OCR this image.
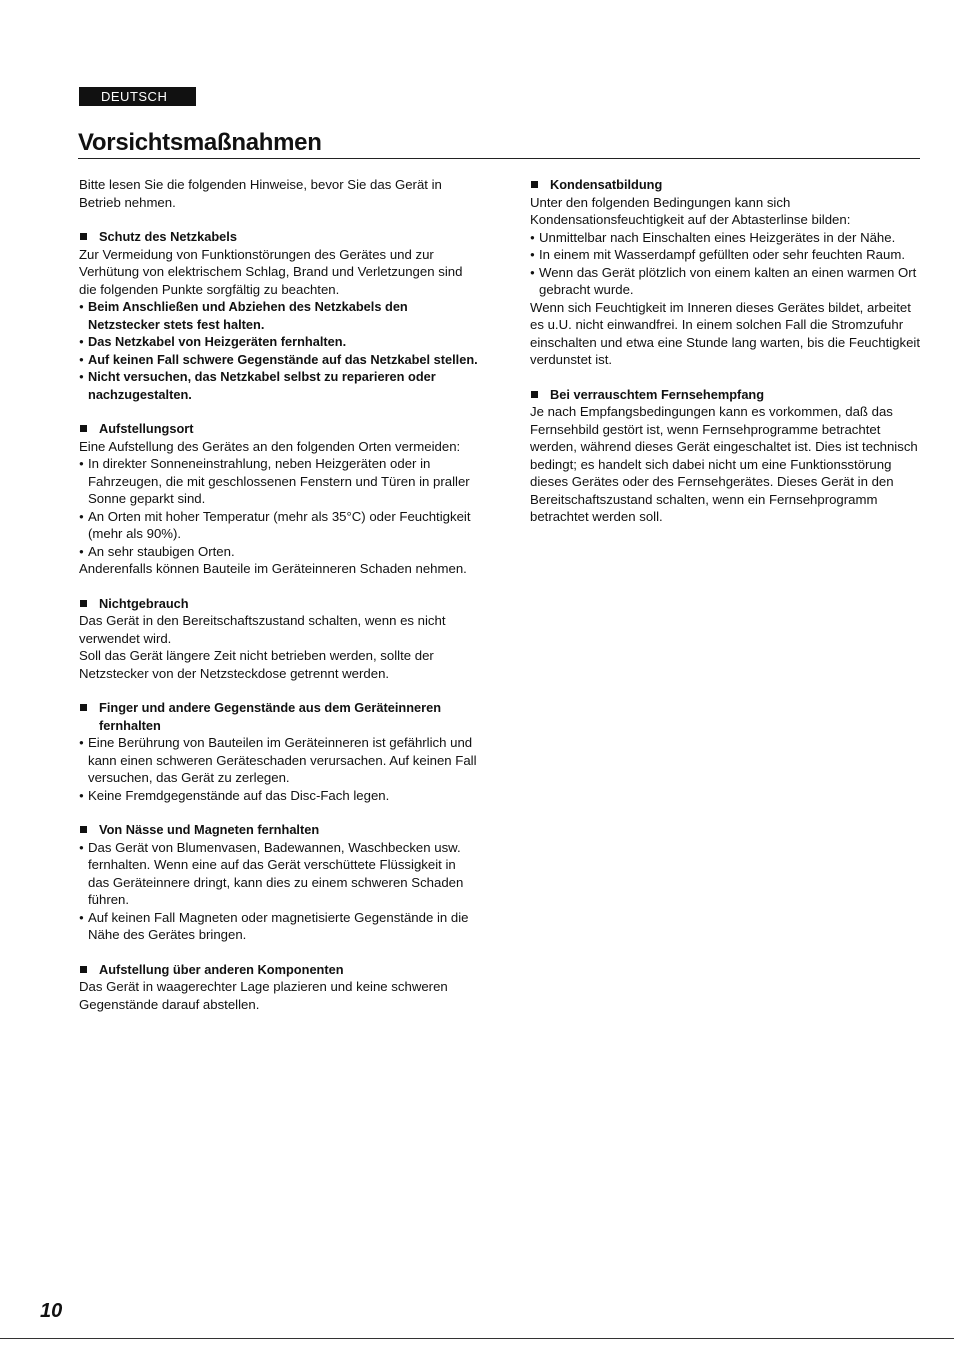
DEUTSCH
Vorsichtsmaßnahmen

Bitte lesen Sie die folgenden Hinweise, bevor Sie das Gerät in Betrieb nehmen.

Schutz des Netzkabels

Zur Vermeidung von Funktionstörungen des Gerätes und zur Verhütung von elektrischem Schlag, Brand und Verletzungen sind die folgenden Punkte sorgfältig zu beachten.

● Beim Anschließen und Abziehen des Netzkabels den Netzstecker stets fest halten.

● Das Netzkabel von Heizgeräten fernhalten.

● Auf keinen Fall schwere Gegenstände auf das Netzkabel stellen.

● Nicht versuchen, das Netzkabel selbst zu reparieren oder nachzugestalten.

Aufstellungsort

Eine Aufstellung des Gerätes an den folgenden Orten vermeiden:

● In direkter Sonneneinstrahlung, neben Heizgeräten oder in Fahrzeugen, die mit geschlossenen Fenstern und Türen in praller Sonne geparkt sind.

● An Orten mit hoher Temperatur (mehr als 35°C) oder Feuchtigkeit (mehr als 90%).

● An sehr staubigen Orten.

Anderenfalls können Bauteile im Geräteinneren Schaden nehmen.

Nichtgebrauch

Das Gerät in den Bereitschaftszustand schalten, wenn es nicht verwendet wird.

Soll das Gerät längere Zeit nicht betrieben werden, sollte der Netzstecker von der Netzsteckdose getrennt werden.

Finger und andere Gegenstände aus dem Geräteinneren fernhalten

● Eine Berührung von Bauteilen im Geräteinneren ist gefährlich und kann einen schweren Geräteschaden verursachen. Auf keinen Fall versuchen, das Gerät zu zerlegen.

● Keine Fremdgegenstände auf das Disc-Fach legen.

Von Nässe und Magneten fernhalten

● Das Gerät von Blumenvasen, Badewannen, Waschbecken usw. fernhalten. Wenn eine auf das Gerät verschüttete Flüssigkeit in das Geräteinnere dringt, kann dies zu einem schweren Schaden führen.

● Auf keinen Fall Magneten oder magnetisierte Gegenstände in die Nähe des Gerätes bringen.

Aufstellung über anderen Komponenten

Das Gerät in waagerechter Lage plazieren und keine schweren Gegenstände darauf abstellen.

Kondensatbildung

Unter den folgenden Bedingungen kann sich Kondensationsfeuchtigkeit auf der Abtasterlinse bilden:

● Unmittelbar nach Einschalten eines Heizgerätes in der Nähe.

● In einem mit Wasserdampf gefüllten oder sehr feuchten Raum.

● Wenn das Gerät plötzlich von einem kalten an einen warmen Ort gebracht wurde.

Wenn sich Feuchtigkeit im Inneren dieses Gerätes bildet, arbeitet es u.U. nicht einwandfrei. In einem solchen Fall die Stromzufuhr einschalten und etwa eine Stunde lang warten, bis die Feuchtigkeit verdunstet ist.

Bei verrauschtem Fernsehempfang

Je nach Empfangsbedingungen kann es vorkommen, daß das Fernsehbild gestört ist, wenn Fernsehprogramme betrachtet werden, während dieses Gerät eingeschaltet ist. Dies ist technisch bedingt; es handelt sich dabei nicht um eine Funktionsstörung dieses Gerätes oder des Fernsehgerätes. Dieses Gerät in den Bereitschaftszustand schalten, wenn ein Fernsehprogramm betrachtet werden soll.

10
